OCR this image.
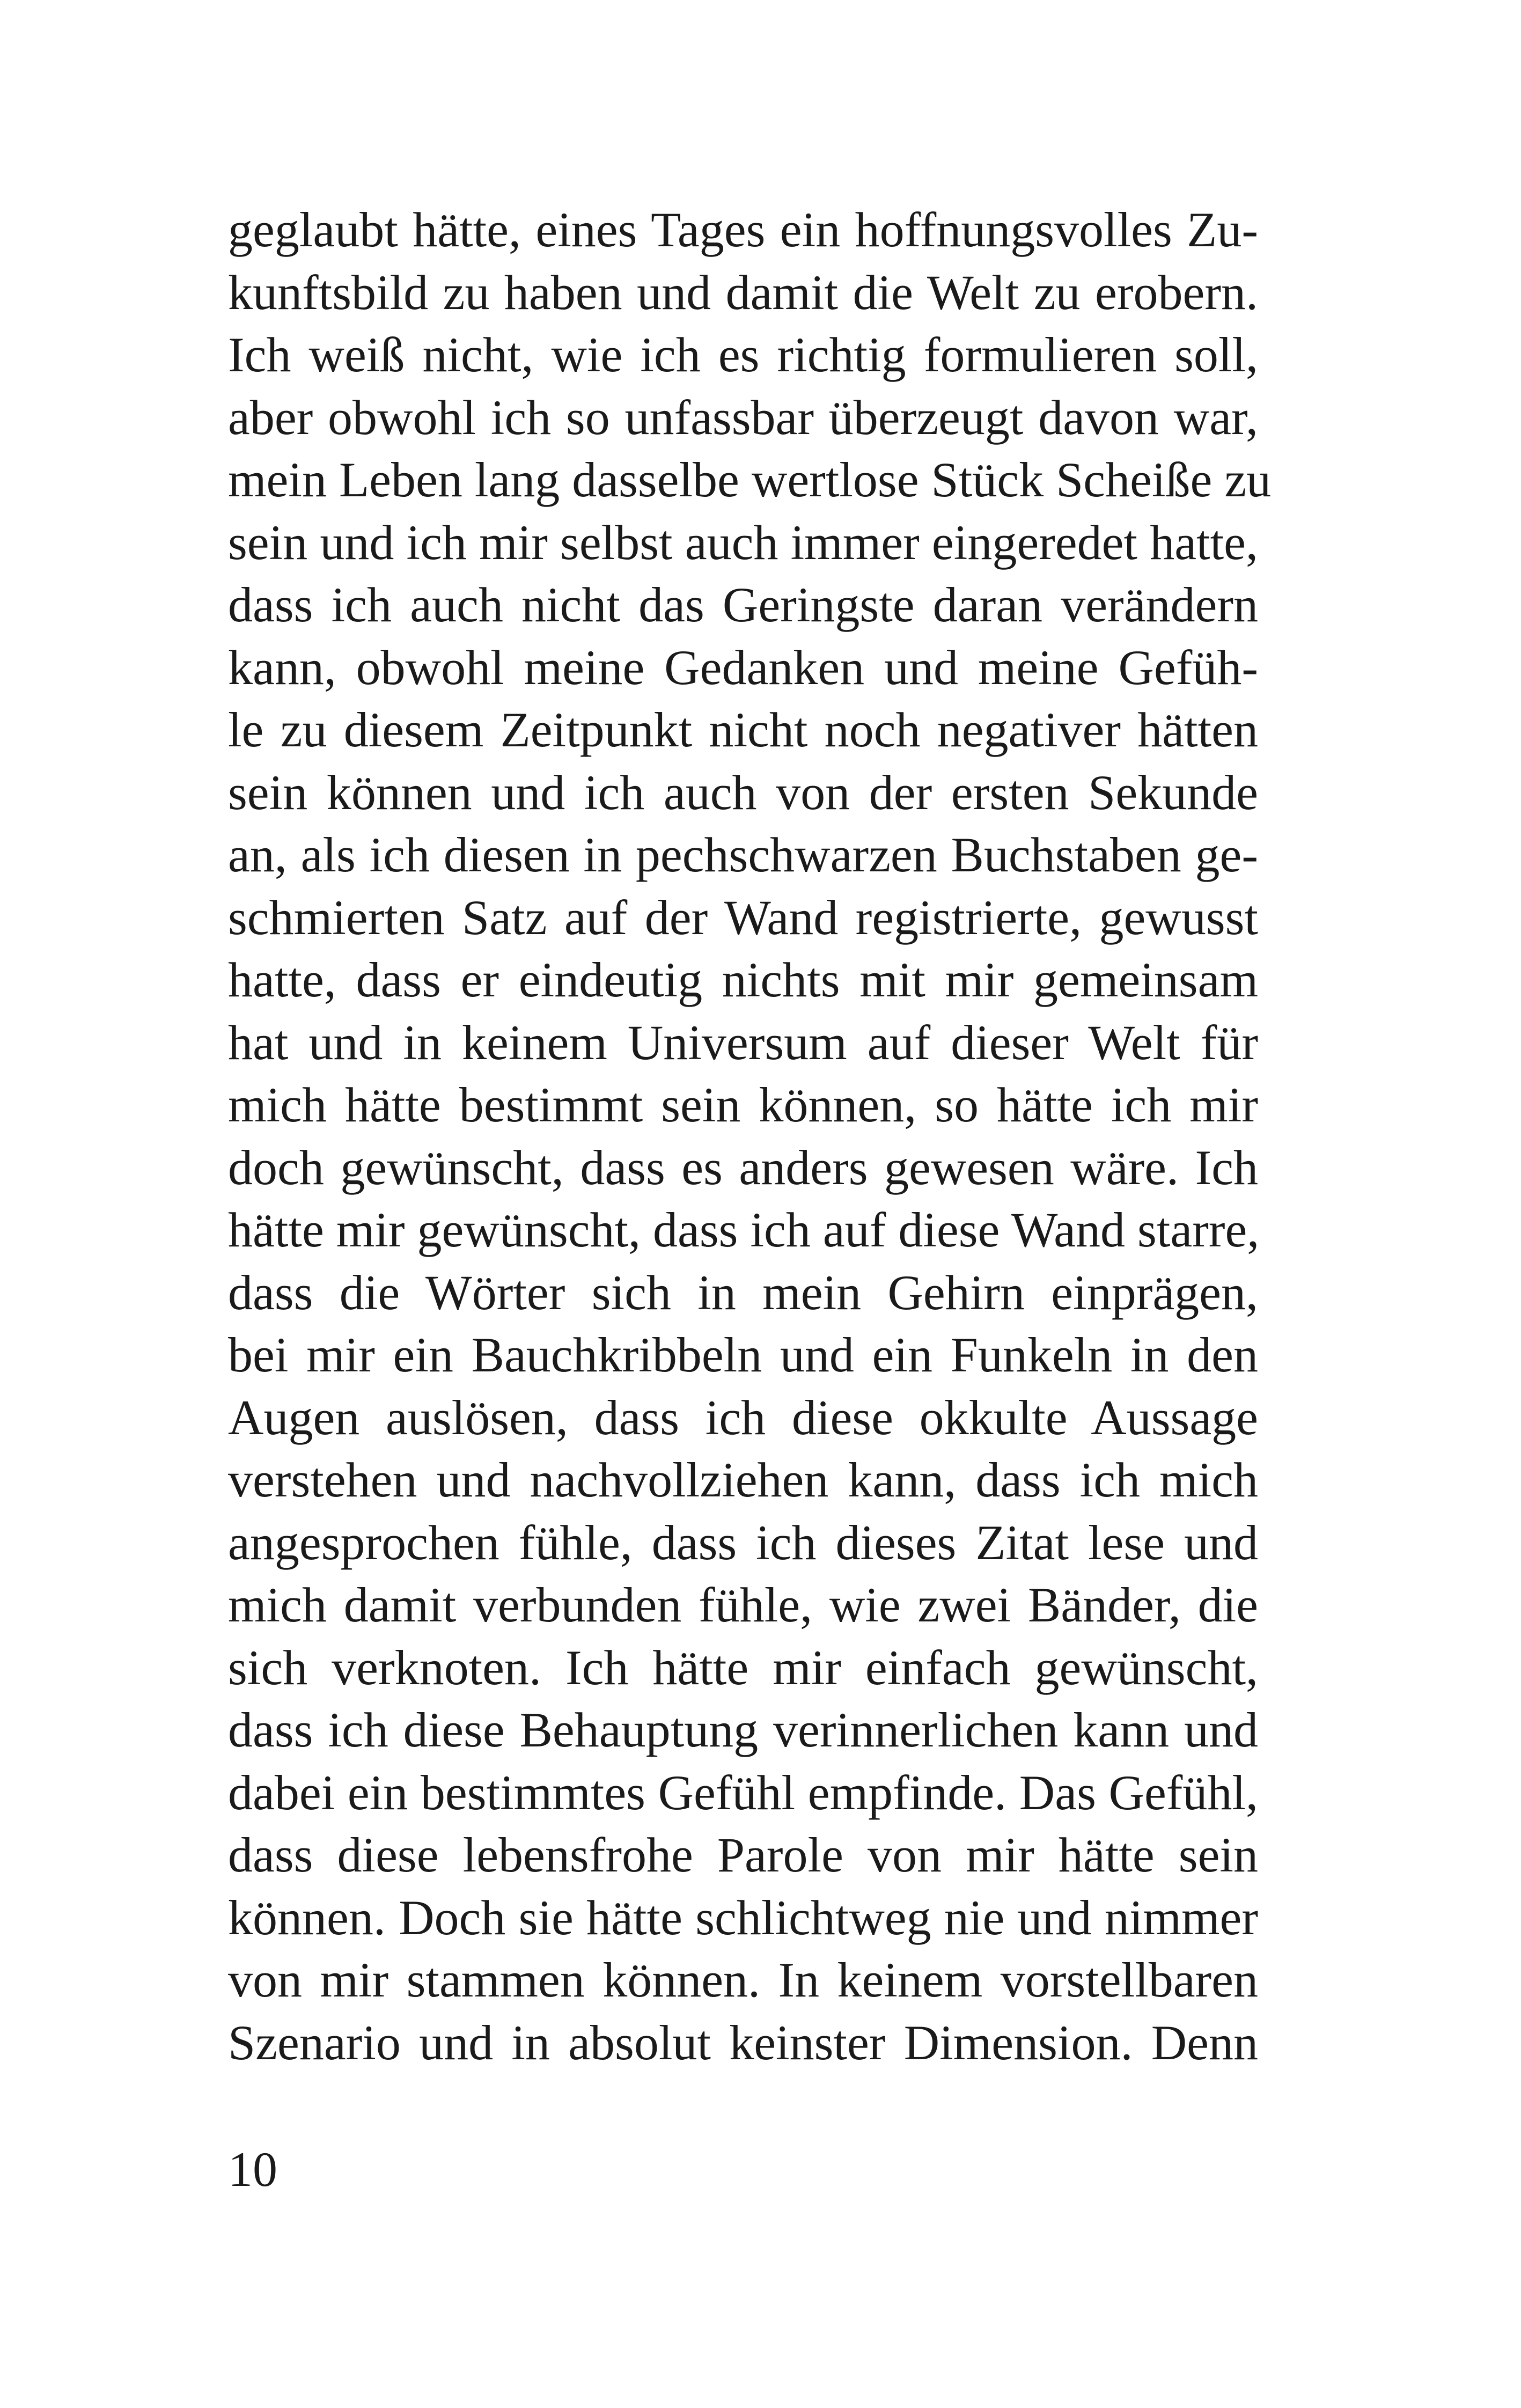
geglaubt hätte, eines Tages ein hoffnungsvolles Zu-
kunftsbild zu haben und damit die Welt zu erobern.
Ich weiß nicht, wie ich es richtig formulieren soll,
aber obwohl ich so unfassbar überzeugt davon war,
mein Leben lang dasselbe wertlose Stück Scheiße zu
sein und ich mir selbst auch immer eingeredet hatte,
dass ich auch nicht das Geringste daran verändern
kann, obwohl meine Gedanken und meine Gefüh-
le zu diesem Zeitpunkt nicht noch negativer hätten
sein können und ich auch von der ersten Sekunde
an, als ich diesen in pechschwarzen Buchstaben ge-
schmierten Satz auf der Wand registrierte, gewusst
hatte, dass er eindeutig nichts mit mir gemeinsam
hat und in keinem Universum auf dieser Welt für
mich hätte bestimmt sein können, so hätte ich mir
doch gewünscht, dass es anders gewesen wäre. Ich
hätte mir gewünscht, dass ich auf diese Wand starre,
dass die Wörter sich in mein Gehirn einprägen,
bei mir ein Bauchkribbeln und ein Funkeln in den
Augen auslösen, dass ich diese okkulte Aussage
verstehen und nachvollziehen kann, dass ich mich
angesprochen fühle, dass ich dieses Zitat lese und
mich damit verbunden fühle, wie zwei Bänder, die
sich verknoten. Ich hätte mir einfach gewünscht,
dass ich diese Behauptung verinnerlichen kann und
dabei ein bestimmtes Gefühl empfinde. Das Gefühl,
dass diese lebensfrohe Parole von mir hätte sein
können. Doch sie hätte schlichtweg nie und nimmer
von mir stammen können. In keinem vorstellbaren
Szenario und in absolut keinster Dimension. Denn
10
